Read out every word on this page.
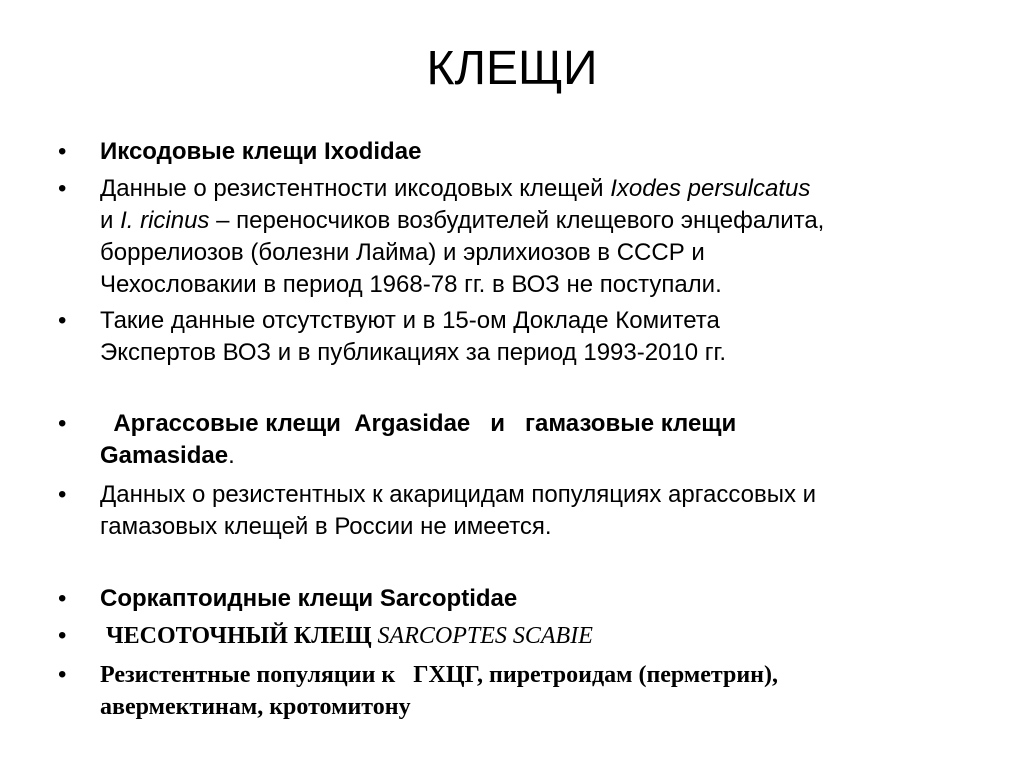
КЛЕЩИ
•	Иксодовые клещи Ixodidae
•	Данные о резистентности иксодовых клещей Ixodes persulcatus
и I. ricinus – переносчиков возбудителей клещевого энцефалита,
боррелиозов (болезни Лайма) и эрлихиозов в СССР и
Чехословакии в период 1968-78 гг. в ВОЗ не поступали.
•	Такие данные отсутствуют и в 15-ом Докладе Комитета
Экспертов ВОЗ и в публикациях за период 1993-2010 гг.
•	Аргассовые клещи  Argasidae   и   гамазовые клещи
Gamasidae.
•	Данных о резистентных к акарицидам популяциях аргассовых и
гамазовых клещей в России не имеется.
•	Соркаптоидные клещи Sarcoptidae
•	ЧЕСОТОЧНЫЙ КЛЕЩ SARCOPTES SCABIE
•	Резистентные популяции к   ГХЦГ, пиретроидам (перметрин),
авермектинам, кротомитону
